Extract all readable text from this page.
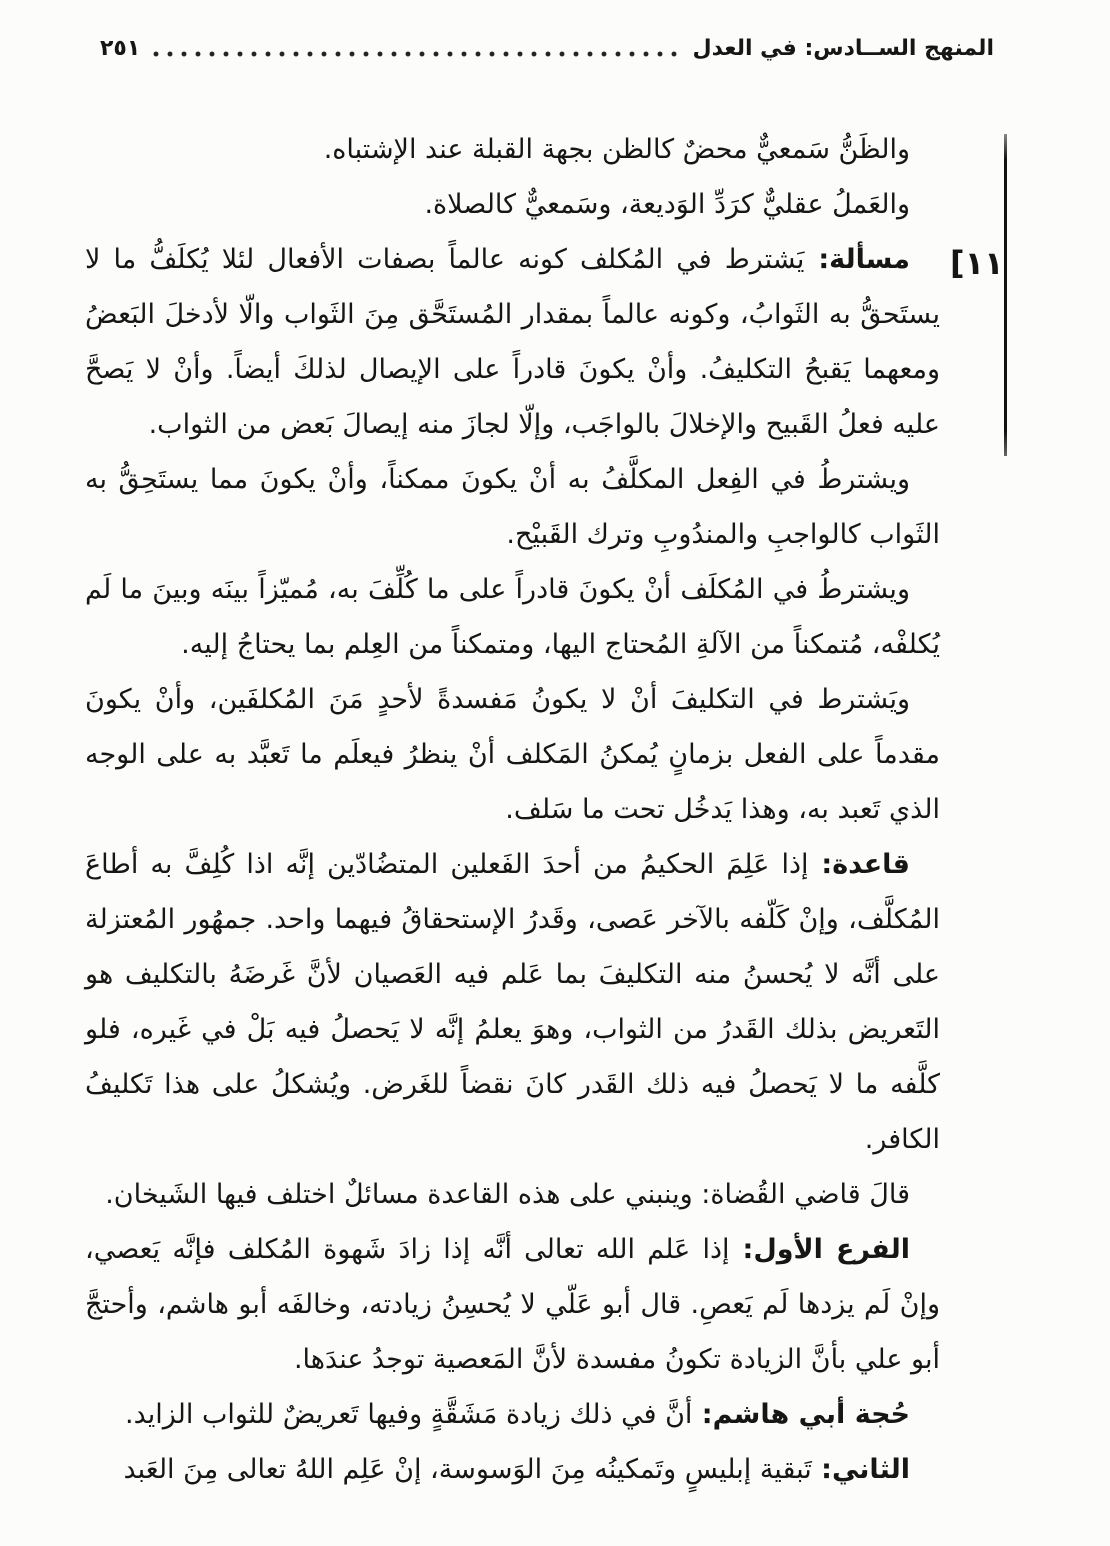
المنهج الســادس: في العدل
٢٥١
[١١

والظَنُّ سَمعيٌّ محضٌ كالظن بجهة القبلة عند الإشتباه.

والعَملُ عقليٌّ كرَدِّ الوَديعة، وسَمعيٌّ كالصلاة.

مسألة: يَشترط في المُكلف كونه عالماً بصفات الأفعال لئلا يُكلَفُّ ما لا يستَحقُّ به الثَوابُ، وكونه عالماً بمقدار المُستَحَّق مِنَ الثَواب والّا لأدخلَ البَعضُ ومعهما يَقبحُ التكليفُ. وأنْ يكونَ قادراً على الإيصال لذلكَ أيضاً. وأنْ لا يَصحَّ عليه فعلُ القَبيح والإخلالَ بالواجَب، وإلّا لجازَ منه إيصالَ بَعض من الثواب.

ويشترطُ في الفِعل المكلَّفُ به أنْ يكونَ ممكناً، وأنْ يكونَ مما يستَحِقُّ به الثَواب كالواجبِ والمندُوبِ وترك القَبيْح.

ويشترطُ في المُكلَف أنْ يكونَ قادراً على ما كُلِّفَ به، مُميّزاً بينَه وبينَ ما لَم يُكلفْه، مُتمكناً من الآلةِ المُحتاج اليها، ومتمكناً من العِلم بما يحتاجُ إليه.

ويَشترط في التكليفَ أنْ لا يكونُ مَفسدةً لأحدٍ مَنَ المُكلفَين، وأنْ يكونَ مقدماً على الفعل بزمانٍ يُمكنُ المَكلف أنْ ينظرُ فيعلَم ما تَعبَّد به على الوجه الذي تَعبد به، وهذا يَدخُل تحت ما سَلف.

قاعدة: إذا عَلِمَ الحكيمُ من أحدَ الفَعلين المتضُادّين إنَّه اذا كُلِفَّ به أطاعَ المُكلَّف، وإنْ كَلّفه بالآخر عَصى، وقَدرُ الإستحقاقُ فيهما واحد. جمهُور المُعتزلة على أنَّه لا يُحسنُ منه التكليفَ بما عَلم فيه العَصيان لأنَّ غَرضَهُ بالتكليف هو التَعريض بذلك القَدرُ من الثواب، وهوَ يعلمُ إنَّه لا يَحصلُ فيه بَلْ في غَيره، فلو كلَّفه ما لا يَحصلُ فيه ذلك القَدر كانَ نقضاً للغَرض. ويُشكلُ على هذا تَكليفُ الكافر.

قالَ قاضي القُضاة: وينبني على هذه القاعدة مسائلٌ اختلف فيها الشَيخان.

الفرع الأول: إذا عَلم الله تعالى أنَّه إذا زادَ شَهوة المُكلف فإنَّه يَعصي، وإنْ لَم يزدها لَم يَعصِ. قال أبو عَلّي لا يُحسِنُ زيادته، وخالفَه أبو هاشم، وأحتجَّ أبو علي بأنَّ الزيادة تكونُ مفسدة لأنَّ المَعصية توجدُ عندَها.

حُجة أبي هاشم: أنَّ في ذلك زيادة مَشَقَّةٍ وفيها تَعريضٌ للثواب الزايد.

الثاني: تَبقية إبليسٍ وتَمكينُه مِنَ الوَسوسة، إنْ عَلِم اللهُ تعالى مِنَ العَبد
